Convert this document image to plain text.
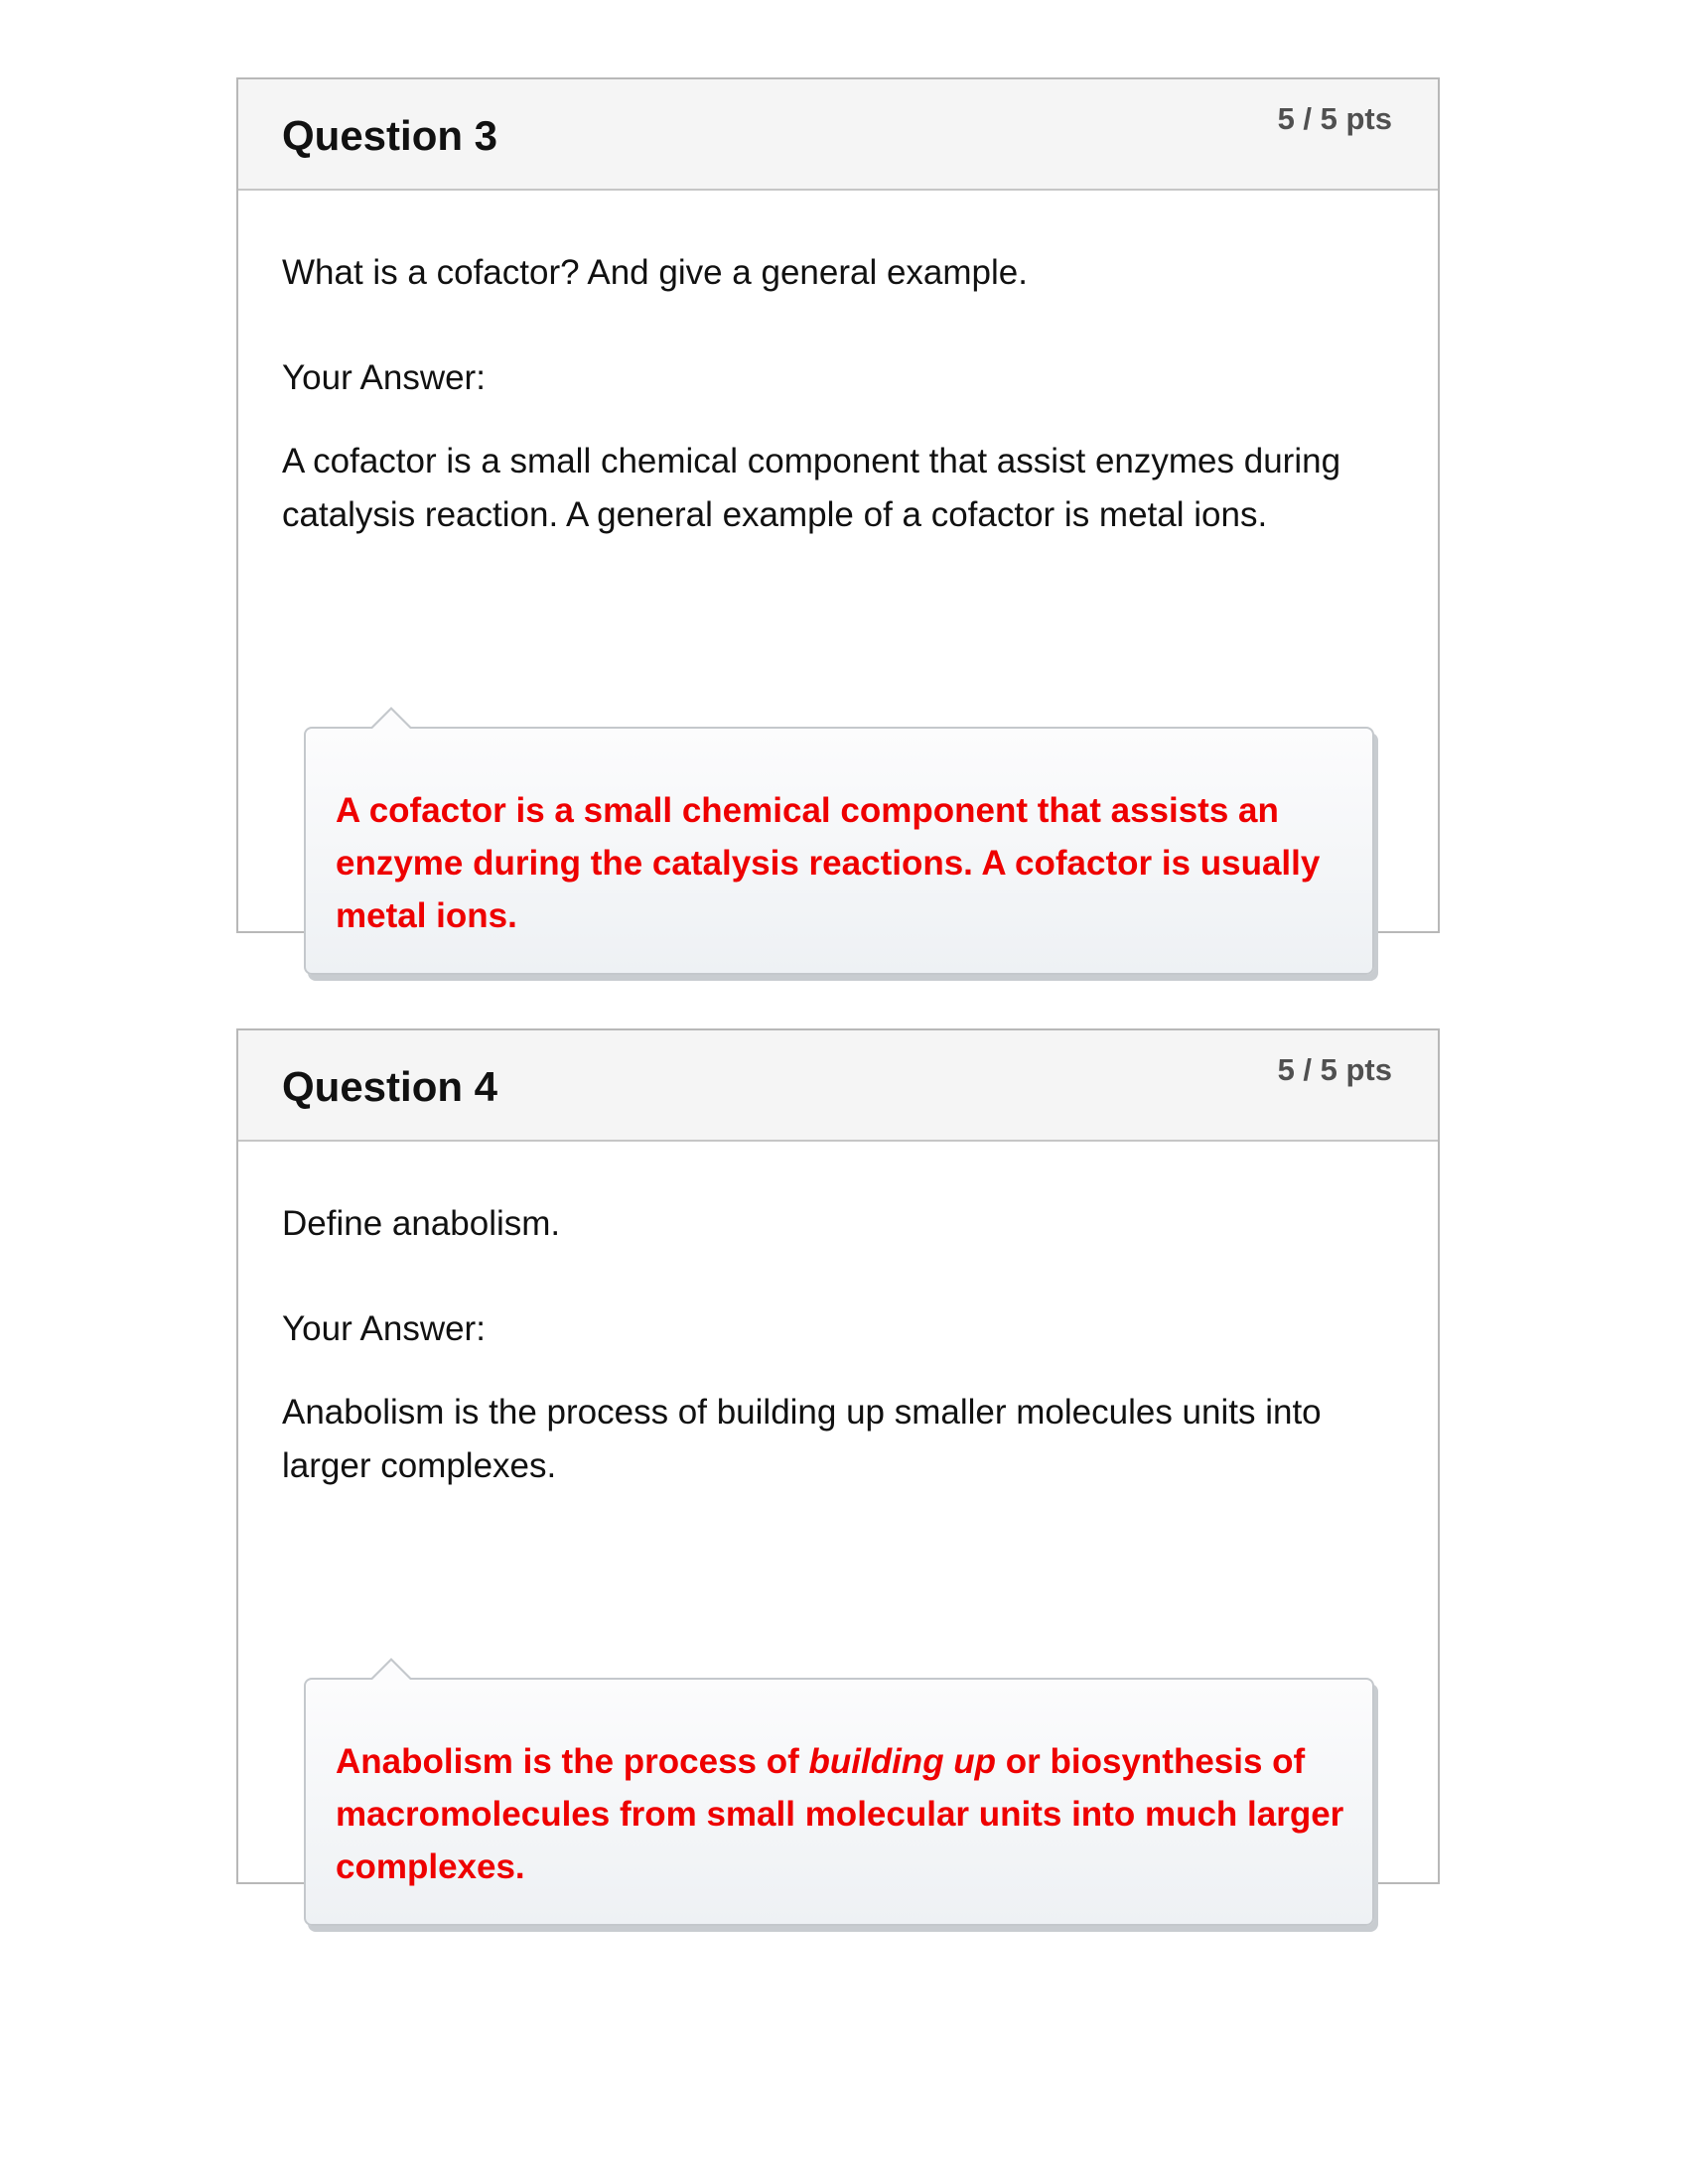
Question 3	5 / 5 pts
What is a cofactor? And give a general example.
Your Answer:
A cofactor is a small chemical component that assist enzymes during catalysis reaction. A general example of a cofactor is metal ions.
A cofactor is a small chemical component that assists an enzyme during the catalysis reactions. A cofactor is usually metal ions.
Question 4	5 / 5 pts
Define anabolism.
Your Answer:
Anabolism is the process of building up smaller molecules units into larger complexes.
Anabolism is the process of building up or biosynthesis of macromolecules from small molecular units into much larger complexes.
